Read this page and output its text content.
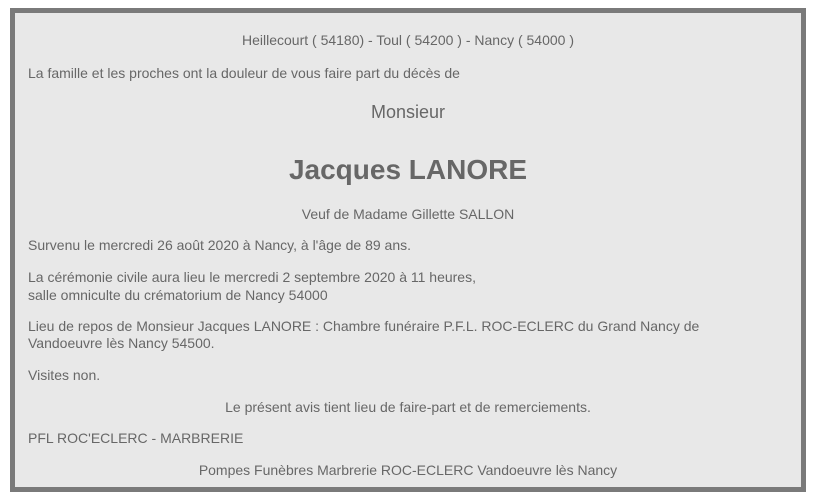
Heillecourt ( 54180) - Toul ( 54200 ) - Nancy ( 54000 )
La famille et les proches ont la douleur de vous faire part du décès de
Monsieur
Jacques LANORE
Veuf de Madame Gillette SALLON
Survenu le mercredi 26 août 2020 à Nancy, à l'âge de 89 ans.
La cérémonie civile aura lieu le mercredi 2 septembre 2020 à 11 heures,
salle omniculte du crématorium de Nancy 54000
Lieu de repos de Monsieur Jacques LANORE : Chambre funéraire P.F.L. ROC-ECLERC du Grand Nancy de
Vandoeuvre lès Nancy 54500.
Visites non.
Le présent avis tient lieu de faire-part et de remerciements.
PFL ROC'ECLERC - MARBRERIE
Pompes Funèbres Marbrerie ROC-ECLERC Vandoeuvre lès Nancy
